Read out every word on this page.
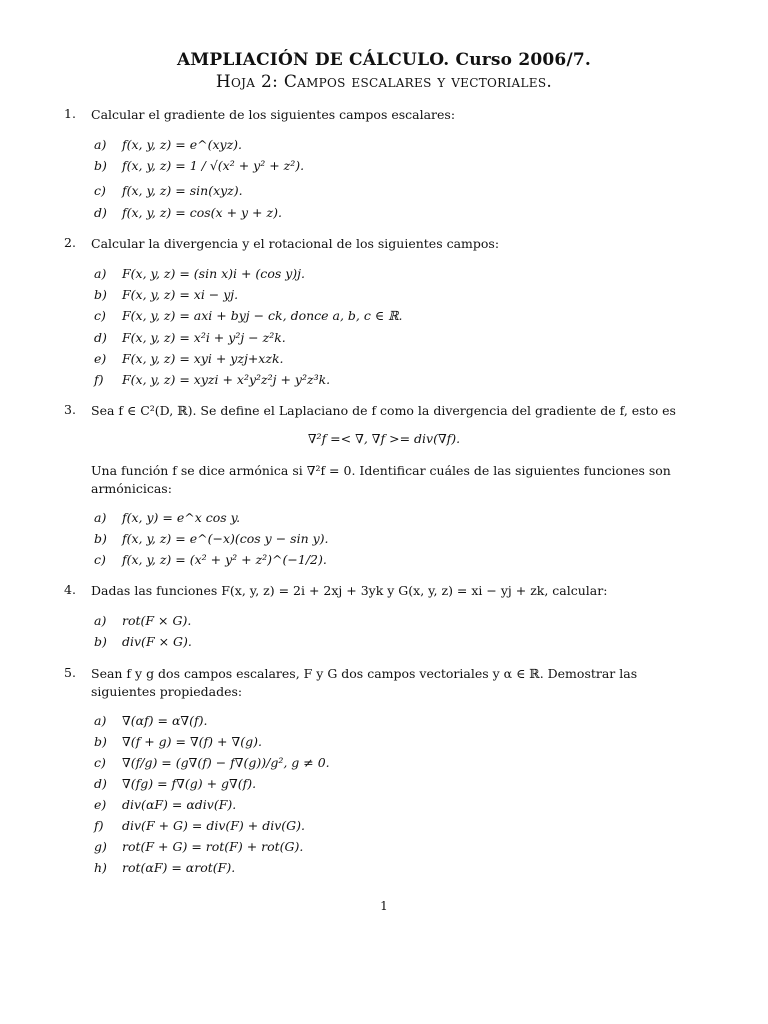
AMPLIACIÓN DE CÁLCULO. Curso 2006/7.
Hoja 2: Campos escalares y vectoriales.
1.	Calcular el gradiente de los siguientes campos escalares:
a) f(x, y, z) = e^(xyz).
b) f(x, y, z) = 1 / √(x² + y² + z²).
c) f(x, y, z) = sin(xyz).
d) f(x, y, z) = cos(x + y + z).
2.	Calcular la divergencia y el rotacional de los siguientes campos:
a) F(x, y, z) = (sin x)i + (cos y)j.
b) F(x, y, z) = xi − yj.
c) F(x, y, z) = axi + byj − ck, donce a, b, c ∈ ℝ.
d) F(x, y, z) = x²i + y²j − z²k.
e) F(x, y, z) = xyi + yzj+xzk.
f) F(x, y, z) = xyzi + x²y²z²j + y²z³k.
3.	Sea f ∈ C²(D, ℝ). Se define el Laplaciano de f como la divergencia del gradiente de f, esto es
∇²f =< ∇, ∇f >= div(∇f).
Una función f se dice armónica si ∇²f = 0. Identificar cuáles de las siguientes funciones son armónicicas:
a) f(x, y) = e^x cos y.
b) f(x, y, z) = e^(−x)(cos y − sin y).
c) f(x, y, z) = (x² + y² + z²)^(−1/2).
4.	Dadas las funciones F(x, y, z) = 2i + 2xj + 3yk y G(x, y, z) = xi − yj + zk, calcular:
a) rot(F × G).
b) div(F × G).
5.	Sean f y g dos campos escalares, F y G dos campos vectoriales y α ∈ ℝ. Demostrar las siguientes propiedades:
a) ∇(αf) = α∇(f).
b) ∇(f + g) = ∇(f) + ∇(g).
c) ∇(f/g) = (g∇(f) − f∇(g))/g², g ≠ 0.
d) ∇(fg) = f∇(g) + g∇(f).
e) div(αF) = αdiv(F).
f) div(F + G) = div(F) + div(G).
g) rot(F + G) = rot(F) + rot(G).
h) rot(αF) = αrot(F).
1
